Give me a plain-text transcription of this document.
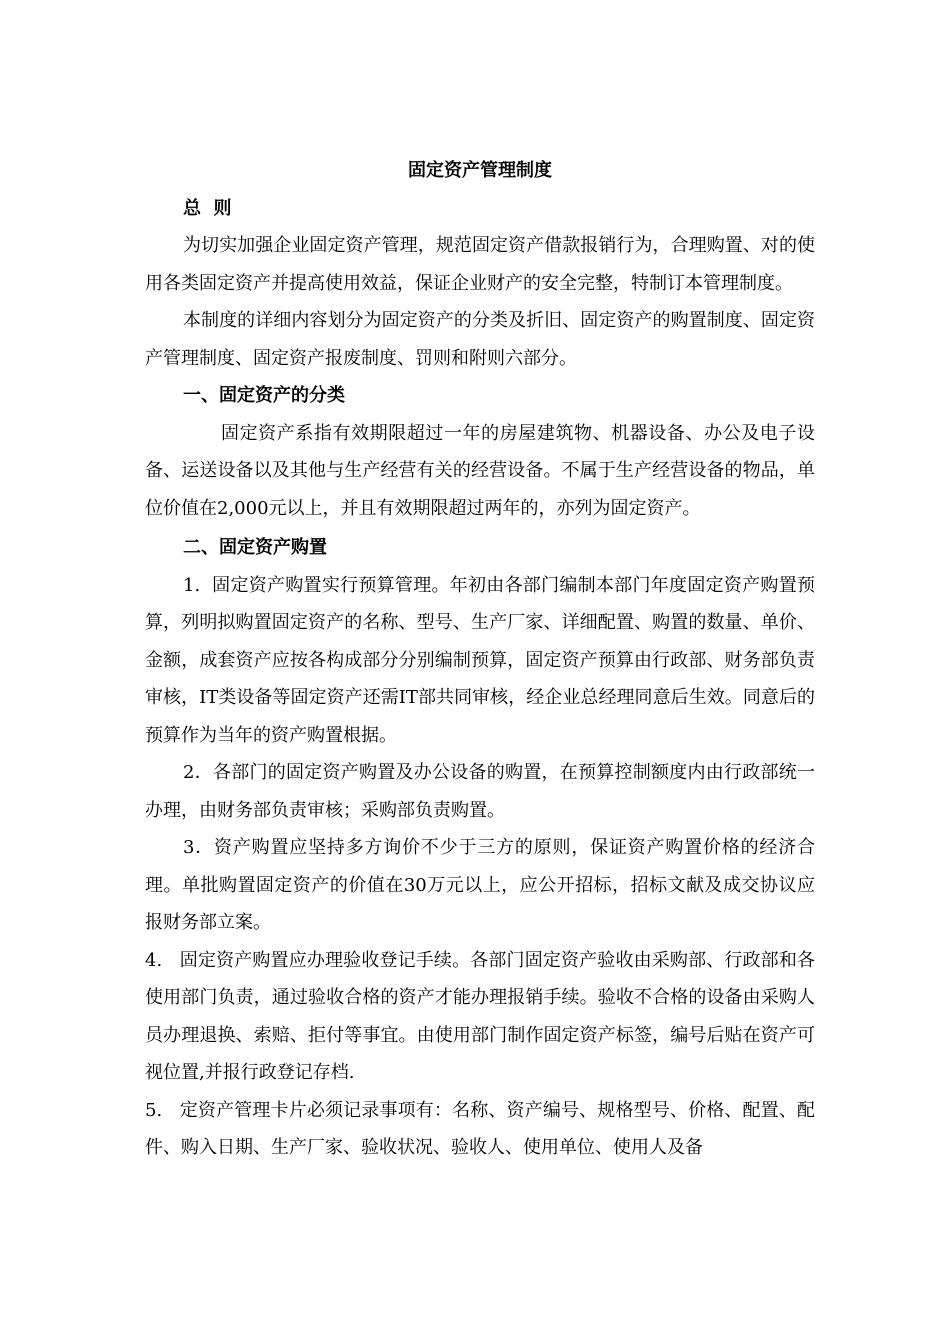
固定资产管理制度
总  则

为切实加强企业固定资产管理，规范固定资产借款报销行为，合理购置、对的使用各类固定资产并提高使用效益，保证企业财产的安全完整，特制订本管理制度。

本制度的详细内容划分为固定资产的分类及折旧、固定资产的购置制度、固定资产管理制度、固定资产报废制度、罚则和附则六部分。

一、固定资产的分类

固定资产系指有效期限超过一年的房屋建筑物、机器设备、办公及电子设备、运送设备以及其他与生产经营有关的经营设备。不属于生产经营设备的物品，单位价值在2,000元以上，并且有效期限超过两年的，亦列为固定资产。

二、固定资产购置

1.  固定资产购置实行预算管理。年初由各部门编制本部门年度固定资产购置预算，列明拟购置固定资产的名称、型号、生产厂家、详细配置、购置的数量、单价、金额，成套资产应按各构成部分分别编制预算，固定资产预算由行政部、财务部负责审核，IT类设备等固定资产还需IT部共同审核，经企业总经理同意后生效。同意后的预算作为当年的资产购置根据。

2．各部门的固定资产购置及办公设备的购置，在预算控制额度内由行政部统一办理，由财务部负责审核；采购部负责购置。

3．资产购置应坚持多方询价不少于三方的原则，保证资产购置价格的经济合理。单批购置固定资产的价值在30万元以上，应公开招标，招标文献及成交协议应报财务部立案。

4.   固定资产购置应办理验收登记手续。各部门固定资产验收由采购部、行政部和各使用部门负责，通过验收合格的资产才能办理报销手续。验收不合格的设备由采购人员办理退换、索赔、拒付等事宜。由使用部门制作固定资产标签，编号后贴在资产可视位置,并报行政登记存档.

5.   定资产管理卡片必须记录事项有：名称、资产编号、规格型号、价格、配置、配件、购入日期、生产厂家、验收状况、验收人、使用单位、使用人及备
